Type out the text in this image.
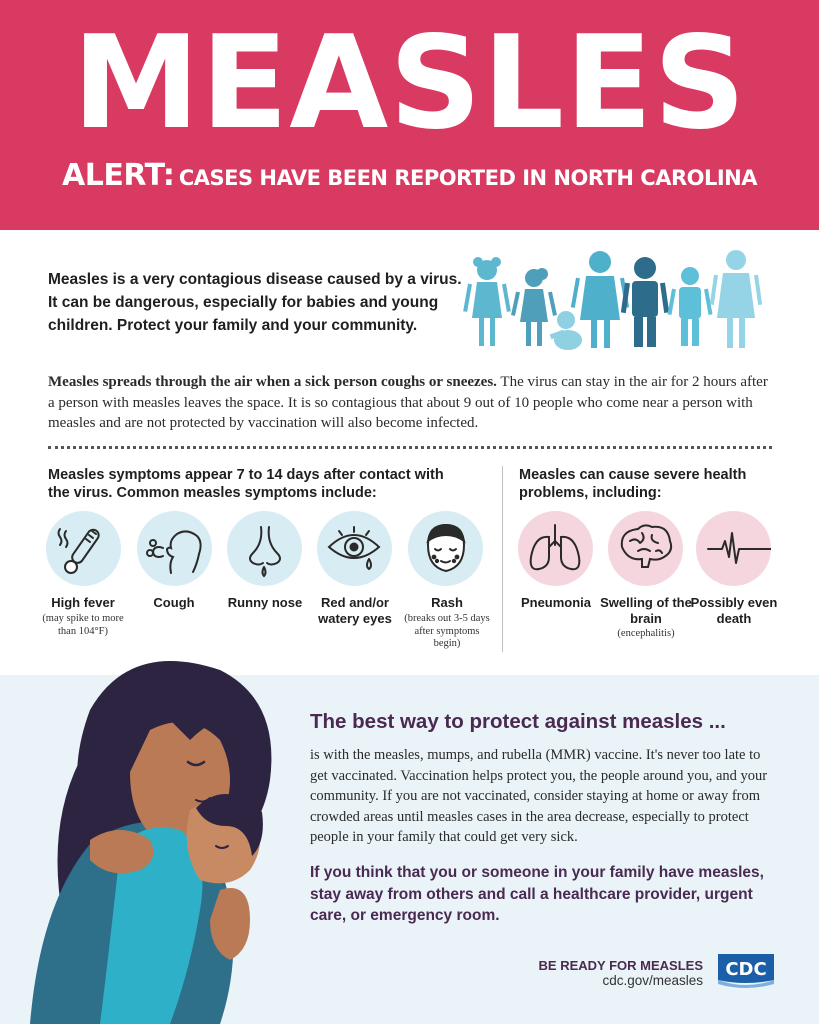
MEASLES
ALERT: CASES HAVE BEEN REPORTED IN NORTH CAROLINA
Measles is a very contagious disease caused by a virus. It can be dangerous, especially for babies and young children. Protect your family and your community.
Measles spreads through the air when a sick person coughs or sneezes. The virus can stay in the air for 2 hours after a person with measles leaves the space. It is so contagious that about 9 out of 10 people who come near a person with measles and are not protected by vaccination will also become infected.
Measles symptoms appear 7 to 14 days after contact with the virus. Common measles symptoms include:
Measles can cause severe health problems, including:
High fever
(may spike to more than 104°F)
Cough	Runny nose	Red and/or watery eyes
Rash
(breaks out 3-5 days after symptoms begin)
Pneumonia Swelling of the brain
(encephalitis)
Possibly even death
The best way to protect against measles ...
is with the measles, mumps, and rubella (MMR) vaccine. It's never too late to get vaccinated. Vaccination helps protect you, the people around you, and your community. If you are not vaccinated, consider staying at home or away from crowded areas until measles cases in the area decrease, especially to protect people in your family that could get very sick.
If you think that you or someone in your family have measles, stay away from others and call a healthcare provider, urgent care, or emergency room.
BE READY FOR MEASLES
cdc.gov/measles
CDC
